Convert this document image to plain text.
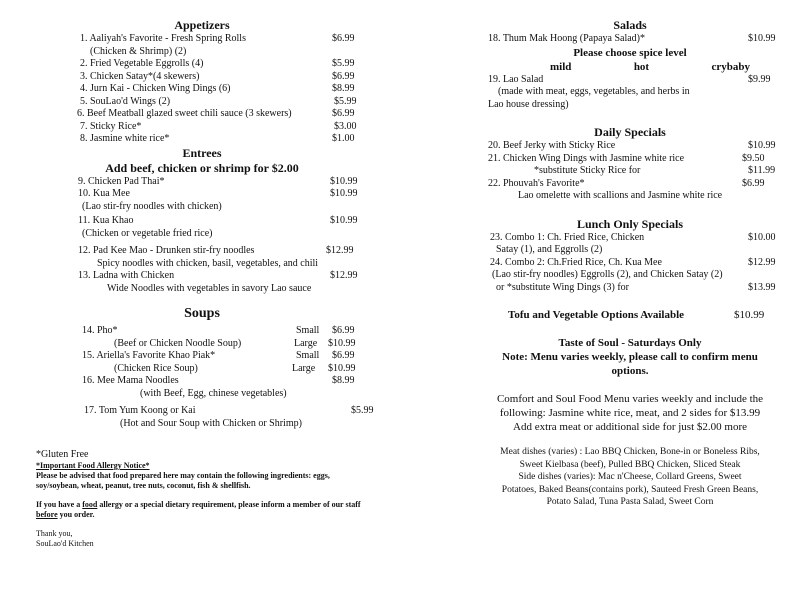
Appetizers
1. Aaliyah's Favorite - Fresh Spring Rolls	$6.99
(Chicken & Shrimp) (2)
2. Fried Vegetable Eggrolls (4)	$5.99
3. Chicken Satay*(4 skewers)	$6.99
4. Jurn Kai - Chicken Wing Dings (6)	$8.99
5. SouLao'd Wings (2)	$5.99
6. Beef Meatball glazed sweet chili sauce (3 skewers)	$6.99
7. Sticky Rice*	$3.00
8. Jasmine white rice*	$1.00
Entrees
Add beef, chicken or shrimp for $2.00
9. Chicken Pad Thai*	$10.99
10. Kua Mee	$10.99
(Lao stir-fry noodles with chicken)
11. Kua Khao	$10.99
(Chicken or vegetable fried rice)
12. Pad Kee Mao - Drunken stir-fry noodles	$12.99
Spicy noodles with chicken, basil, vegetables, and chili
13. Ladna with Chicken	$12.99
Wide Noodles with vegetables in savory Lao sauce
Soups
14. Pho*	Small $6.99
(Beef or Chicken Noodle Soup)	Large $10.99
15. Ariella's Favorite Khao Piak*	Small $6.99
(Chicken Rice Soup)	Large $10.99
16. Mee Mama Noodles	$8.99
(with Beef, Egg, chinese vegetables)
17. Tom Yum Koong or Kai	$5.99
(Hot and Sour Soup with Chicken or Shrimp)
*Gluten Free
*Important Food Allergy Notice*
Please be advised that food prepared here may contain the following ingredients: eggs,
soy/soybean, wheat, peanut, tree nuts, coconut, fish & shellfish.
If you have a food allergy or a special dietary requirement, please inform a member of our staff
before you order.
Thank you,
SouLao'd Kitchen
Salads
18. Thum Mak Hoong (Papaya Salad)*	$10.99
Please choose spice level
mild	hot	crybaby
19. Lao Salad	$9.99
(made with meat, eggs, vegetables, and herbs in
Lao house dressing)
Daily Specials
20. Beef Jerky with Sticky Rice	$10.99
21. Chicken Wing Dings with Jasmine white rice	$9.50
*substitute Sticky Rice for	$11.99
22. Phouvah's Favorite*	$6.99
Lao omelette with scallions and Jasmine white rice
Lunch Only Specials
23. Combo 1: Ch. Fried Rice, Chicken	$10.00
Satay (1), and Eggrolls (2)
24. Combo 2: Ch.Fried Rice, Ch. Kua Mee	$12.99
(Lao stir-fry noodles) Eggrolls (2), and Chicken Satay (2)
or *substitute Wing Dings (3) for	$13.99
Tofu and Vegetable Options Available	$10.99
Taste of Soul - Saturdays Only
Note: Menu varies weekly, please call to confirm menu
options.
Comfort and Soul Food Menu varies weekly and include the
following: Jasmine white rice, meat, and 2 sides for $13.99
Add extra meat or additional side for just $2.00 more
Meat dishes (varies) : Lao BBQ Chicken, Bone-in or Boneless Ribs,
Sweet Kielbasa (beef), Pulled BBQ Chicken, Sliced Steak
Side dishes (varies): Mac n'Cheese, Collard Greens, Sweet
Potatoes, Baked Beans(contains pork), Sauteed Fresh Green Beans,
Potato Salad, Tuna Pasta Salad, Sweet Corn
